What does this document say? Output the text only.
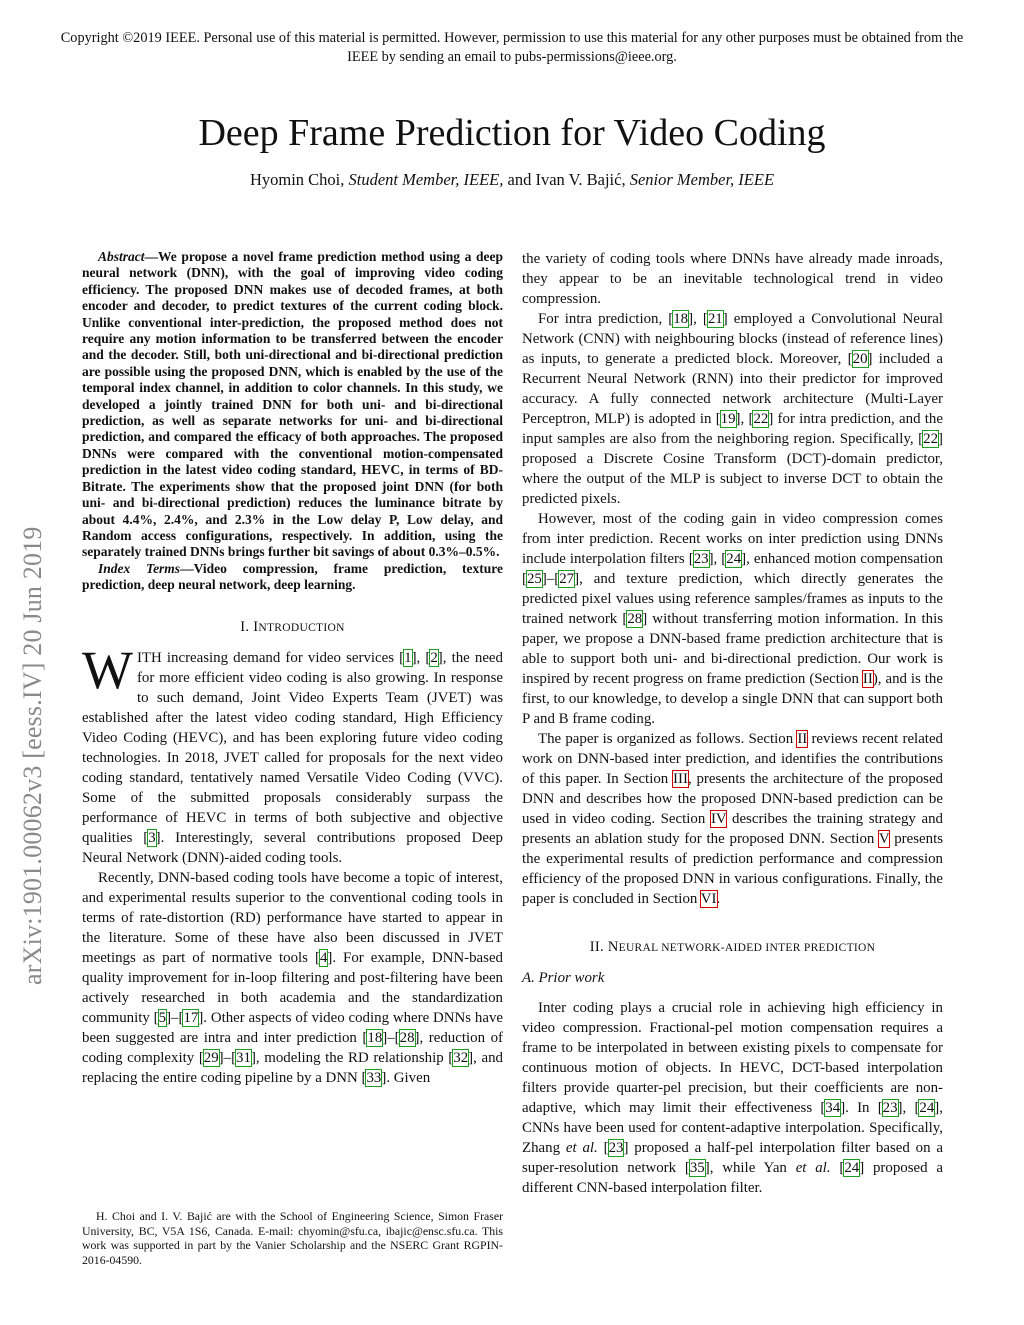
Copyright ©2019 IEEE. Personal use of this material is permitted. However, permission to use this material for any other purposes must be obtained from the IEEE by sending an email to pubs-permissions@ieee.org.
arXiv:1901.00062v3 [eess.IV] 20 Jun 2019
Deep Frame Prediction for Video Coding
Hyomin Choi, Student Member, IEEE, and Ivan V. Bajić, Senior Member, IEEE

Abstract—We propose a novel frame prediction method using a deep neural network (DNN), with the goal of improving video coding efficiency. The proposed DNN makes use of decoded frames, at both encoder and decoder, to predict textures of the current coding block. Unlike conventional inter-prediction, the proposed method does not require any motion information to be transferred between the encoder and the decoder. Still, both uni-directional and bi-directional prediction are possible using the proposed DNN, which is enabled by the use of the temporal index channel, in addition to color channels. In this study, we developed a jointly trained DNN for both uni- and bi-directional prediction, as well as separate networks for uni- and bi-directional prediction, and compared the efficacy of both approaches. The proposed DNNs were compared with the conventional motion-compensated prediction in the latest video coding standard, HEVC, in terms of BD-Bitrate. The experiments show that the proposed joint DNN (for both uni- and bi-directional prediction) reduces the luminance bitrate by about 4.4%, 2.4%, and 2.3% in the Low delay P, Low delay, and Random access configurations, respectively. In addition, using the separately trained DNNs brings further bit savings of about 0.3%–0.5%.

Index Terms—Video compression, frame prediction, texture prediction, deep neural network, deep learning.

I. INTRODUCTION

WITH increasing demand for video services [1], [2], the need for more efficient video coding is also growing. In response to such demand, Joint Video Experts Team (JVET) was established after the latest video coding standard, High Efficiency Video Coding (HEVC), and has been exploring future video coding technologies. In 2018, JVET called for proposals for the next video coding standard, tentatively named Versatile Video Coding (VVC). Some of the submitted proposals considerably surpass the performance of HEVC in terms of both subjective and objective qualities [3]. Interestingly, several contributions proposed Deep Neural Network (DNN)-aided coding tools.

Recently, DNN-based coding tools have become a topic of interest, and experimental results superior to the conventional coding tools in terms of rate-distortion (RD) performance have started to appear in the literature. Some of these have also been discussed in JVET meetings as part of normative tools [4]. For example, DNN-based quality improvement for in-loop filtering and post-filtering have been actively researched in both academia and the standardization community [5]–[17]. Other aspects of video coding where DNNs have been suggested are intra and inter prediction [18]–[28], reduction of coding complexity [29]–[31], modeling the RD relationship [32], and replacing the entire coding pipeline by a DNN [33]. Given

H. Choi and I. V. Bajić are with the School of Engineering Science, Simon Fraser University, BC, V5A 1S6, Canada. E-mail: chyomin@sfu.ca, ibajic@ensc.sfu.ca. This work was supported in part by the Vanier Scholarship and the NSERC Grant RGPIN-2016-04590.

the variety of coding tools where DNNs have already made inroads, they appear to be an inevitable technological trend in video compression.

For intra prediction, [18], [21] employed a Convolutional Neural Network (CNN) with neighbouring blocks (instead of reference lines) as inputs, to generate a predicted block. Moreover, [20] included a Recurrent Neural Network (RNN) into their predictor for improved accuracy. A fully connected network architecture (Multi-Layer Perceptron, MLP) is adopted in [19], [22] for intra prediction, and the input samples are also from the neighboring region. Specifically, [22] proposed a Discrete Cosine Transform (DCT)-domain predictor, where the output of the MLP is subject to inverse DCT to obtain the predicted pixels.

However, most of the coding gain in video compression comes from inter prediction. Recent works on inter prediction using DNNs include interpolation filters [23], [24], enhanced motion compensation [25]–[27], and texture prediction, which directly generates the predicted pixel values using reference samples/frames as inputs to the trained network [28] without transferring motion information. In this paper, we propose a DNN-based frame prediction architecture that is able to support both uni- and bi-directional prediction. Our work is inspired by recent progress on frame prediction (Section II), and is the first, to our knowledge, to develop a single DNN that can support both P and B frame coding.

The paper is organized as follows. Section II reviews recent related work on DNN-based inter prediction, and identifies the contributions of this paper. In Section III, presents the architecture of the proposed DNN and describes how the proposed DNN-based prediction can be used in video coding. Section IV describes the training strategy and presents an ablation study for the proposed DNN. Section V presents the experimental results of prediction performance and compression efficiency of the proposed DNN in various configurations. Finally, the paper is concluded in Section VI.

II. NEURAL NETWORK-AIDED INTER PREDICTION
A. Prior work

Inter coding plays a crucial role in achieving high efficiency in video compression. Fractional-pel motion compensation requires a frame to be interpolated in between existing pixels to compensate for continuous motion of objects. In HEVC, DCT-based interpolation filters provide quarter-pel precision, but their coefficients are non-adaptive, which may limit their effectiveness [34]. In [23], [24], CNNs have been used for content-adaptive interpolation. Specifically, Zhang et al. [23] proposed a half-pel interpolation filter based on a super-resolution network [35], while Yan et al. [24] proposed a different CNN-based interpolation filter.
